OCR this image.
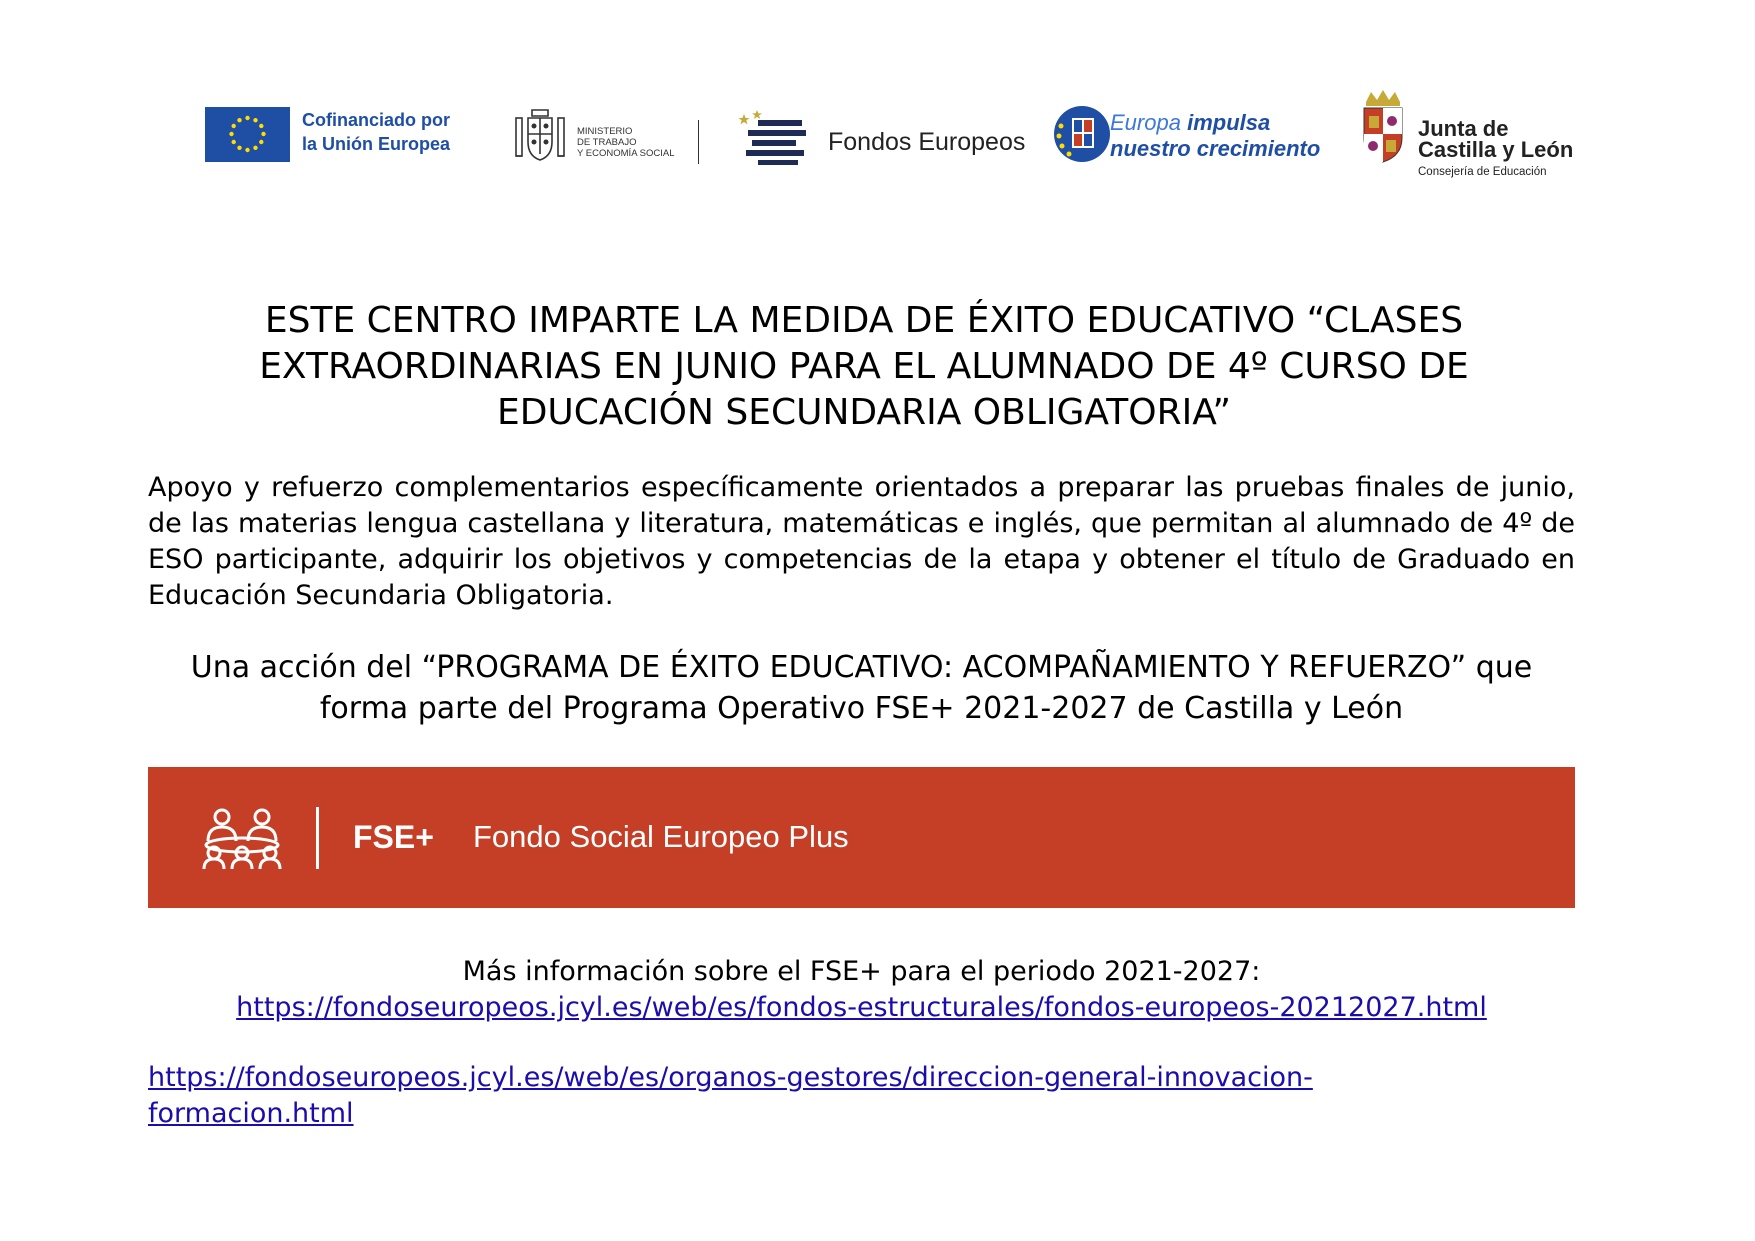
Cofinanciado por
la Unión Europea
MINISTERIO
DE TRABAJO
Y ECONOMÍA SOCIAL	Fondos Europeos
Europa impulsa
nuestro crecimiento
Junta de
Castilla y León
Consejería de Educación
ESTE CENTRO IMPARTE LA MEDIDA DE ÉXITO EDUCATIVO “CLASES EXTRAORDINARIAS EN JUNIO PARA EL ALUMNADO DE 4º CURSO DE EDUCACIÓN SECUNDARIA OBLIGATORIA”

Apoyo y refuerzo complementarios específicamente orientados a preparar las pruebas finales de junio, de las materias lengua castellana y literatura, matemáticas e inglés, que permitan al alumnado de 4º de ESO participante, adquirir los objetivos y competencias de la etapa y obtener el título de Graduado en Educación Secundaria Obligatoria.

Una acción del “PROGRAMA DE ÉXITO EDUCATIVO: ACOMPAÑAMIENTO Y REFUERZO” que forma parte del Programa Operativo FSE+ 2021-2027 de Castilla y León

FSE+ Fondo Social Europeo Plus

Más información sobre el FSE+ para el periodo 2021-2027:

https://fondoseuropeos.jcyl.es/web/es/fondos-estructurales/fondos-europeos-20212027.html
https://fondoseuropeos.jcyl.es/web/es/organos-gestores/direccion-general-innovacion-formacion.html
